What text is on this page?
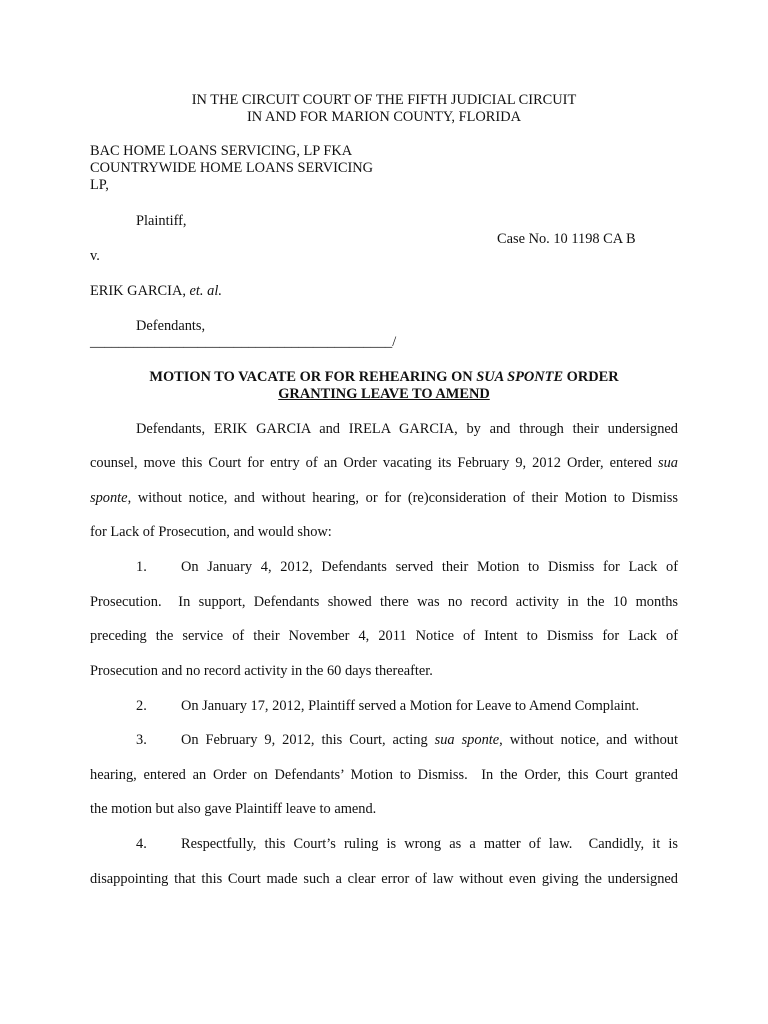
IN THE CIRCUIT COURT OF THE FIFTH JUDICIAL CIRCUIT
IN AND FOR MARION COUNTY, FLORIDA
BAC HOME LOANS SERVICING, LP FKA
COUNTRYWIDE HOME LOANS SERVICING
LP,
Plaintiff,
Case No. 10 1198 CA B
v.
ERIK GARCIA, et. al.
Defendants,
__________________________________________/
MOTION TO VACATE OR FOR REHEARING ON SUA SPONTE ORDER
GRANTING LEAVE TO AMEND
Defendants, ERIK GARCIA and IRELA GARCIA, by and through their undersigned
counsel, move this Court for entry of an Order vacating its February 9, 2012 Order, entered sua
sponte, without notice, and without hearing, or for (re)consideration of their Motion to Dismiss
for Lack of Prosecution, and would show:
1. On January 4, 2012, Defendants served their Motion to Dismiss for Lack of
Prosecution.  In support, Defendants showed there was no record activity in the 10 months
preceding the service of their November 4, 2011 Notice of Intent to Dismiss for Lack of
Prosecution and no record activity in the 60 days thereafter.
2. On January 17, 2012, Plaintiff served a Motion for Leave to Amend Complaint.
3. On February 9, 2012, this Court, acting sua sponte, without notice, and without
hearing, entered an Order on Defendants’ Motion to Dismiss.  In the Order, this Court granted
the motion but also gave Plaintiff leave to amend.
4. Respectfully, this Court’s ruling is wrong as a matter of law.  Candidly, it is
disappointing that this Court made such a clear error of law without even giving the undersigned
